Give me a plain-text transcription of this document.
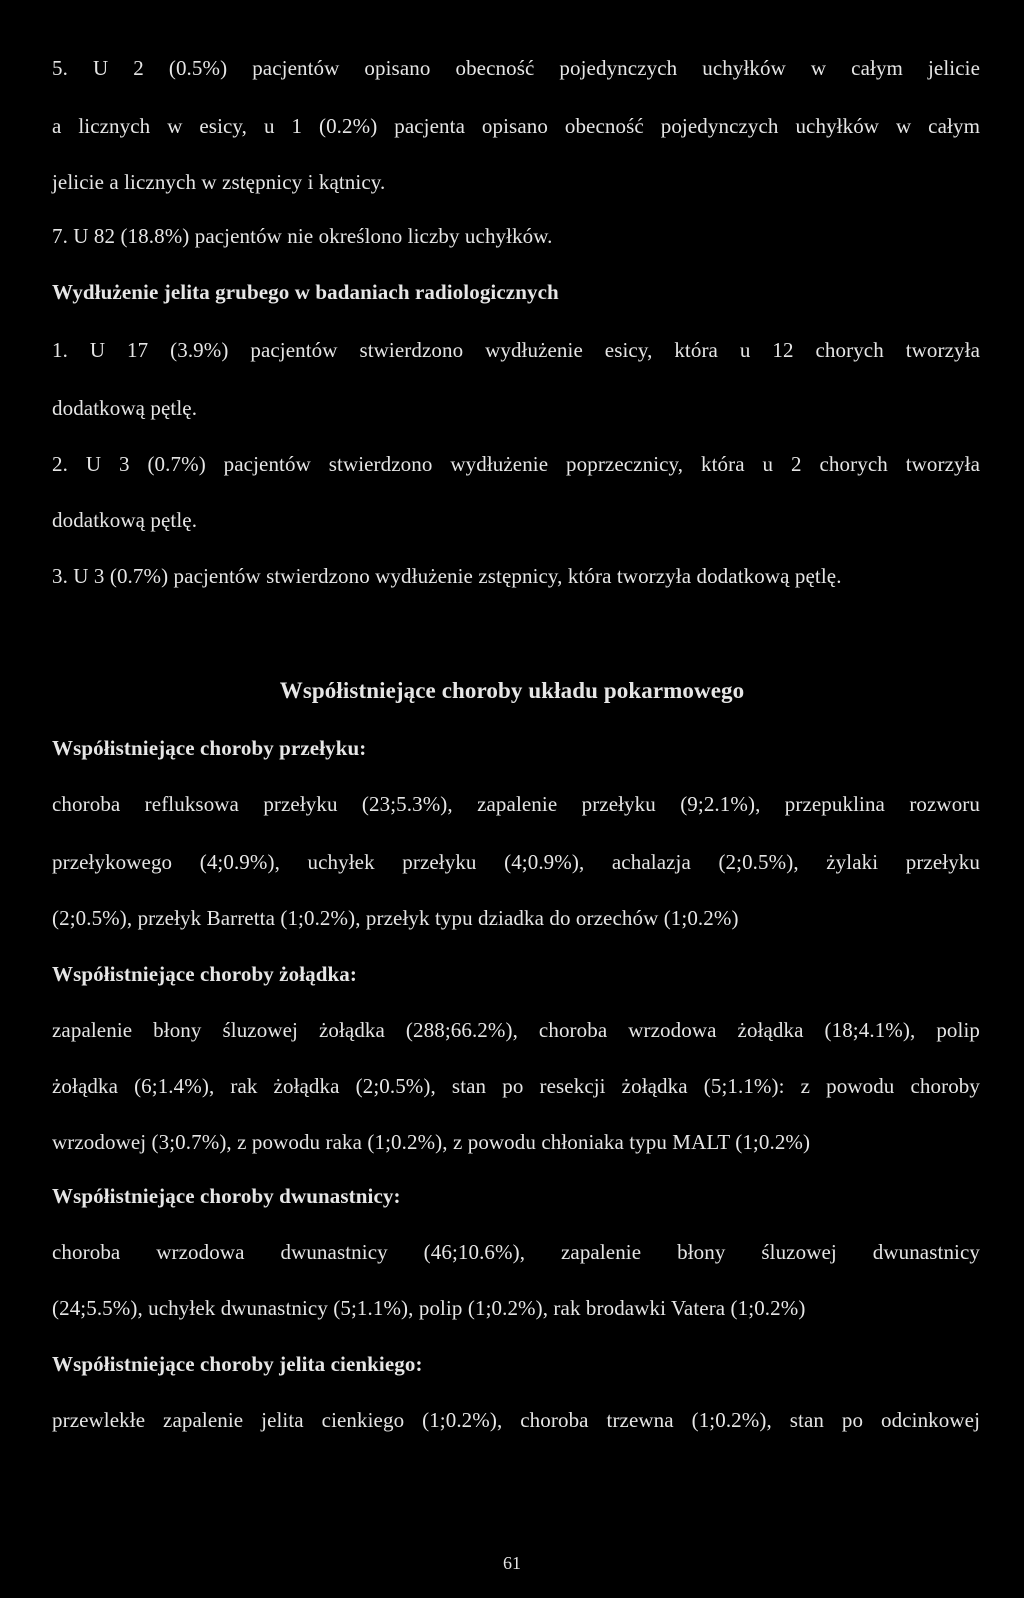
5. U 2 (0.5%) pacjentów opisano obecność pojedynczych uchyłków w całym jelicie
a licznych w esicy, u 1 (0.2%) pacjenta opisano obecność pojedynczych uchyłków w całym
jelicie a licznych w zstępnicy i kątnicy.
7. U 82 (18.8%) pacjentów nie określono liczby uchyłków.
Wydłużenie jelita grubego w badaniach radiologicznych
1. U 17 (3.9%) pacjentów stwierdzono wydłużenie esicy, która u 12 chorych tworzyła
dodatkową pętlę.
2. U 3 (0.7%) pacjentów stwierdzono wydłużenie poprzecznicy, która u 2 chorych tworzyła
dodatkową pętlę.
3. U 3 (0.7%) pacjentów stwierdzono wydłużenie zstępnicy, która tworzyła dodatkową pętlę.
Współistniejące choroby układu pokarmowego
Współistniejące choroby przełyku:
choroba refluksowa przełyku (23;5.3%), zapalenie przełyku (9;2.1%), przepuklina rozworu
przełykowego (4;0.9%), uchyłek przełyku (4;0.9%), achalazja (2;0.5%), żylaki przełyku
(2;0.5%), przełyk Barretta (1;0.2%), przełyk typu dziadka do orzechów (1;0.2%)
Współistniejące choroby żołądka:
zapalenie błony śluzowej żołądka (288;66.2%), choroba wrzodowa żołądka (18;4.1%), polip
żołądka (6;1.4%), rak żołądka (2;0.5%), stan po resekcji żołądka (5;1.1%): z powodu choroby
wrzodowej (3;0.7%), z powodu raka (1;0.2%), z powodu chłoniaka typu MALT (1;0.2%)
Współistniejące choroby dwunastnicy:
choroba wrzodowa dwunastnicy (46;10.6%), zapalenie błony śluzowej dwunastnicy
(24;5.5%), uchyłek dwunastnicy (5;1.1%), polip (1;0.2%), rak brodawki Vatera (1;0.2%)
Współistniejące choroby jelita cienkiego:
przewlekłe zapalenie jelita cienkiego (1;0.2%), choroba trzewna (1;0.2%), stan po odcinkowej
61
